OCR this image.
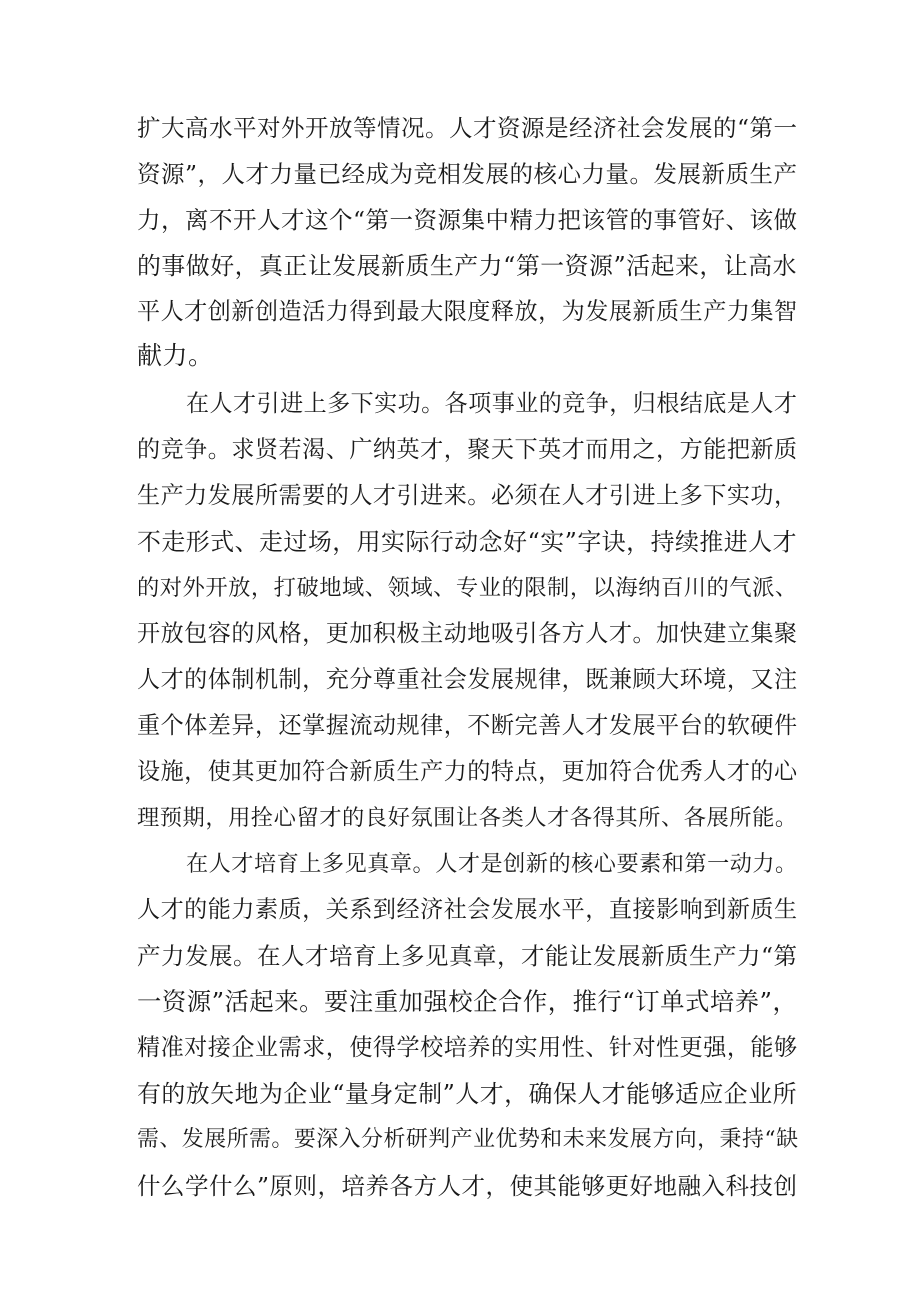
扩大高水平对外开放等情况。人才资源是经济社会发展的“第一
资源”，人才力量已经成为竞相发展的核心力量。发展新质生产
力，离不开人才这个“第一资源集中精力把该管的事管好、该做
的事做好，真正让发展新质生产力“第一资源”活起来，让高水
平人才创新创造活力得到最大限度释放，为发展新质生产力集智
献力。
在人才引进上多下实功。各项事业的竞争，归根结底是人才
的竞争。求贤若渴、广纳英才，聚天下英才而用之，方能把新质
生产力发展所需要的人才引进来。必须在人才引进上多下实功，
不走形式、走过场，用实际行动念好“实”字诀，持续推进人才
的对外开放，打破地域、领域、专业的限制，以海纳百川的气派、
开放包容的风格，更加积极主动地吸引各方人才。加快建立集聚
人才的体制机制，充分尊重社会发展规律，既兼顾大环境，又注
重个体差异，还掌握流动规律，不断完善人才发展平台的软硬件
设施，使其更加符合新质生产力的特点，更加符合优秀人才的心
理预期，用拴心留才的良好氛围让各类人才各得其所、各展所能。
在人才培育上多见真章。人才是创新的核心要素和第一动力。
人才的能力素质，关系到经济社会发展水平，直接影响到新质生
产力发展。在人才培育上多见真章，才能让发展新质生产力“第
一资源”活起来。要注重加强校企合作，推行“订单式培养”，
精准对接企业需求，使得学校培养的实用性、针对性更强，能够
有的放矢地为企业“量身定制”人才，确保人才能够适应企业所
需、发展所需。要深入分析研判产业优势和未来发展方向，秉持“缺
什么学什么”原则，培养各方人才，使其能够更好地融入科技创
